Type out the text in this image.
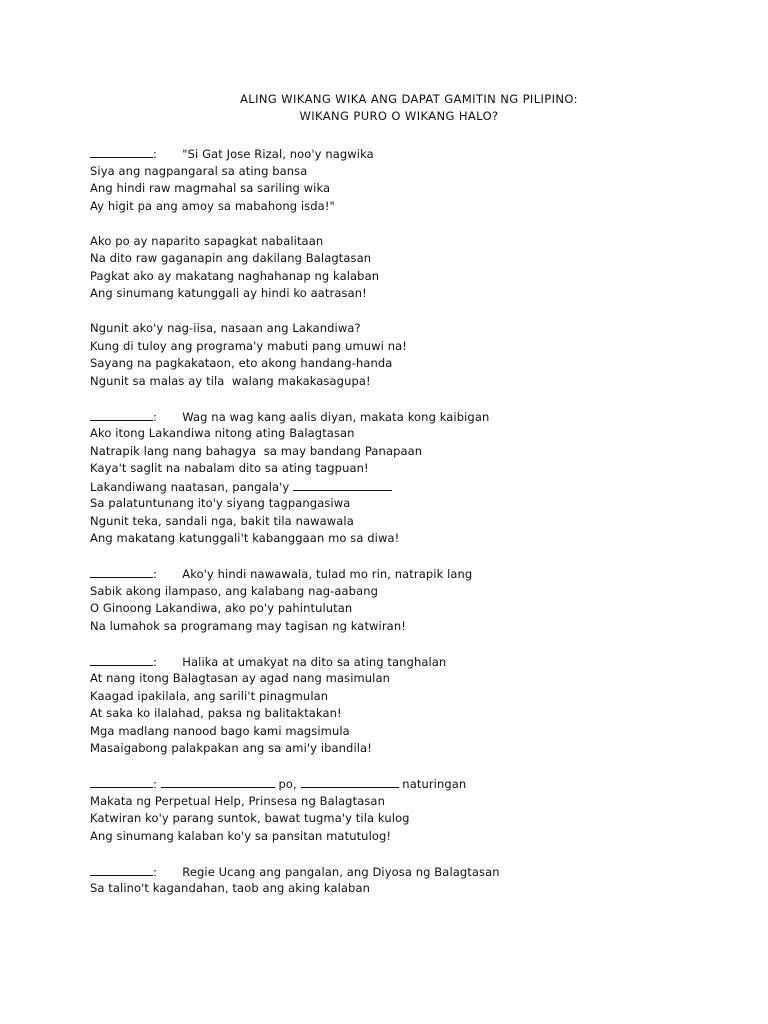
ALING WIKANG WIKA ANG DAPAT GAMITIN NG PILIPINO:
WIKANG PURO O WIKANG HALO?
: "Si Gat Jose Rizal, noo'y nagwika
Siya ang nagpangaral sa ating bansa
Ang hindi raw magmahal sa sariling wika
Ay higit pa ang amoy sa mabahong isda!"
Ako po ay naparito sapagkat nabalitaan
Na dito raw gaganapin ang dakilang Balagtasan
Pagkat ako ay makatang naghahanap ng kalaban
Ang sinumang katunggali ay hindi ko aatrasan!
Ngunit ako'y nag-iisa, nasaan ang Lakandiwa?
Kung di tuloy ang programa'y mabuti pang umuwi na!
Sayang na pagkakataon, eto akong handang-handa
Ngunit sa malas ay tila  walang makakasagupa!
: Wag na wag kang aalis diyan, makata kong kaibigan
Ako itong Lakandiwa nitong ating Balagtasan
Natrapik lang nang bahagya  sa may bandang Panapaan
Kaya't saglit na nabalam dito sa ating tagpuan!
Lakandiwang naatasan, pangala'y
Sa palatuntunang ito'y siyang tagpangasiwa
Ngunit teka, sandali nga, bakit tila nawawala
Ang makatang katunggali't kabanggaan mo sa diwa!
: Ako'y hindi nawawala, tulad mo rin, natrapik lang
Sabik akong ilampaso, ang kalabang nag-aabang
O Ginoong Lakandiwa, ako po'y pahintulutan
Na lumahok sa programang may tagisan ng katwiran!
: Halika at umakyat na dito sa ating tanghalan
At nang itong Balagtasan ay agad nang masimulan
Kaagad ipakilala, ang sarili't pinagmulan
At saka ko ilalahad, paksa ng balitaktakan!
Mga madlang nanood bago kami magsimula
Masaigabong palakpakan ang sa ami'y ibandila!
:	po,	naturingan
Makata ng Perpetual Help, Prinsesa ng Balagtasan
Katwiran ko'y parang suntok, bawat tugma'y tila kulog
Ang sinumang kalaban ko'y sa pansitan matutulog!
: Regie Ucang ang pangalan, ang Diyosa ng Balagtasan
Sa talino't kagandahan, taob ang aking kalaban
